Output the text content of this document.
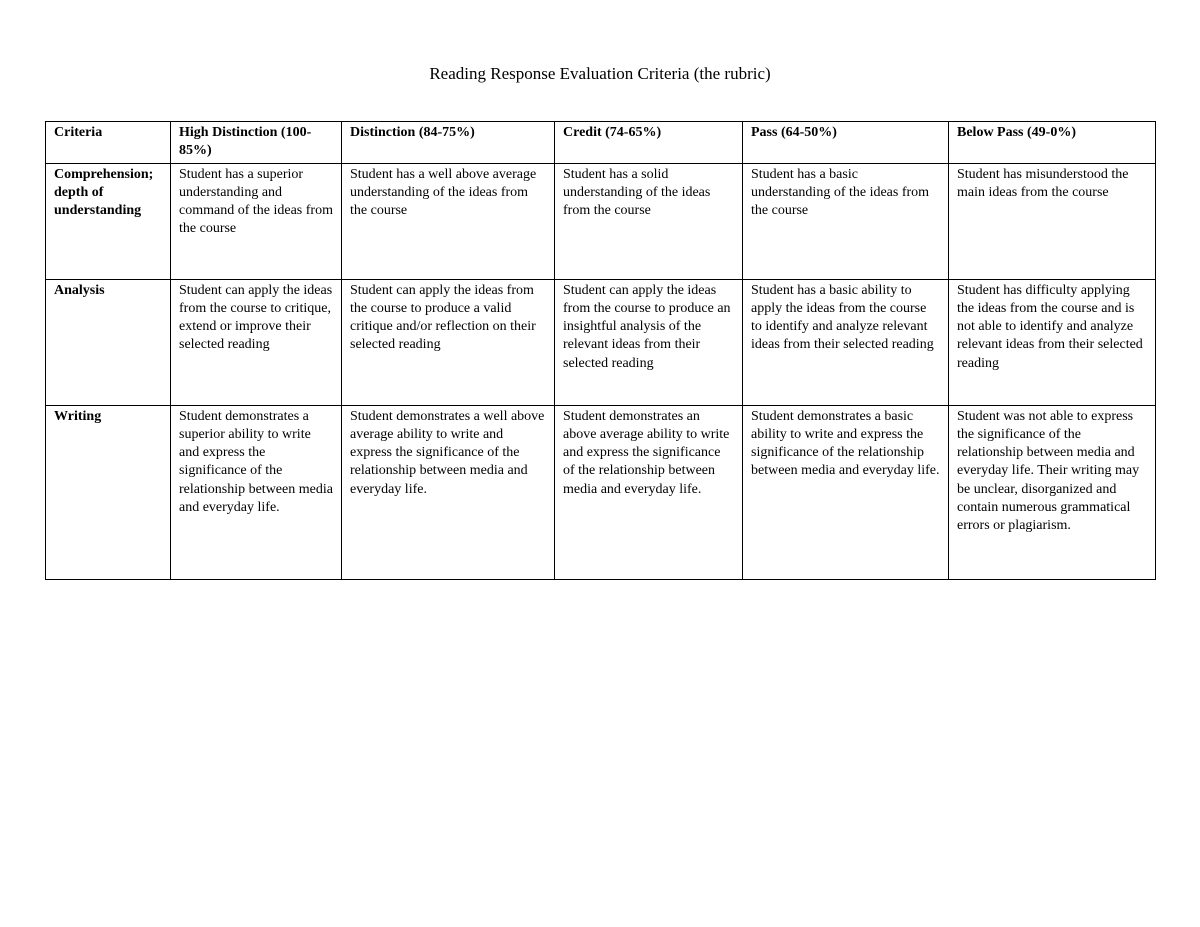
Reading Response Evaluation Criteria (the rubric)
Criteria	High Distinction (100-85%)	Distinction (84-75%)	Credit (74-65%)	Pass (64-50%)	Below Pass (49-0%)
Comprehension; depth of understanding	Student has a superior understanding and command of the ideas from the course	Student has a well above average understanding of the ideas from the course	Student has a solid understanding of the ideas from the course	Student has a basic understanding of the ideas from the course	Student has misunderstood the main ideas from the course
Analysis	Student can apply the ideas from the course to critique, extend or improve their selected reading	Student can apply the ideas from the course to produce a valid critique and/or reflection on their selected reading	Student can apply the ideas from the course to produce an insightful analysis of the relevant ideas from their selected reading	Student has a basic ability to apply the ideas from the course to identify and analyze relevant ideas from their selected reading	Student has difficulty applying the ideas from the course and is not able to identify and analyze relevant ideas from their selected reading
Writing	Student demonstrates a superior ability to write and express the significance of the relationship between media and everyday life.	Student demonstrates a well above average ability to write and express the significance of the relationship between media and everyday life.	Student demonstrates an above average ability to write and express the significance of the relationship between media and everyday life.	Student demonstrates a basic ability to write and express the significance of the relationship between media and everyday life.	Student was not able to express the significance of the relationship between media and everyday life. Their writing may be unclear, disorganized and contain numerous grammatical errors or plagiarism.
